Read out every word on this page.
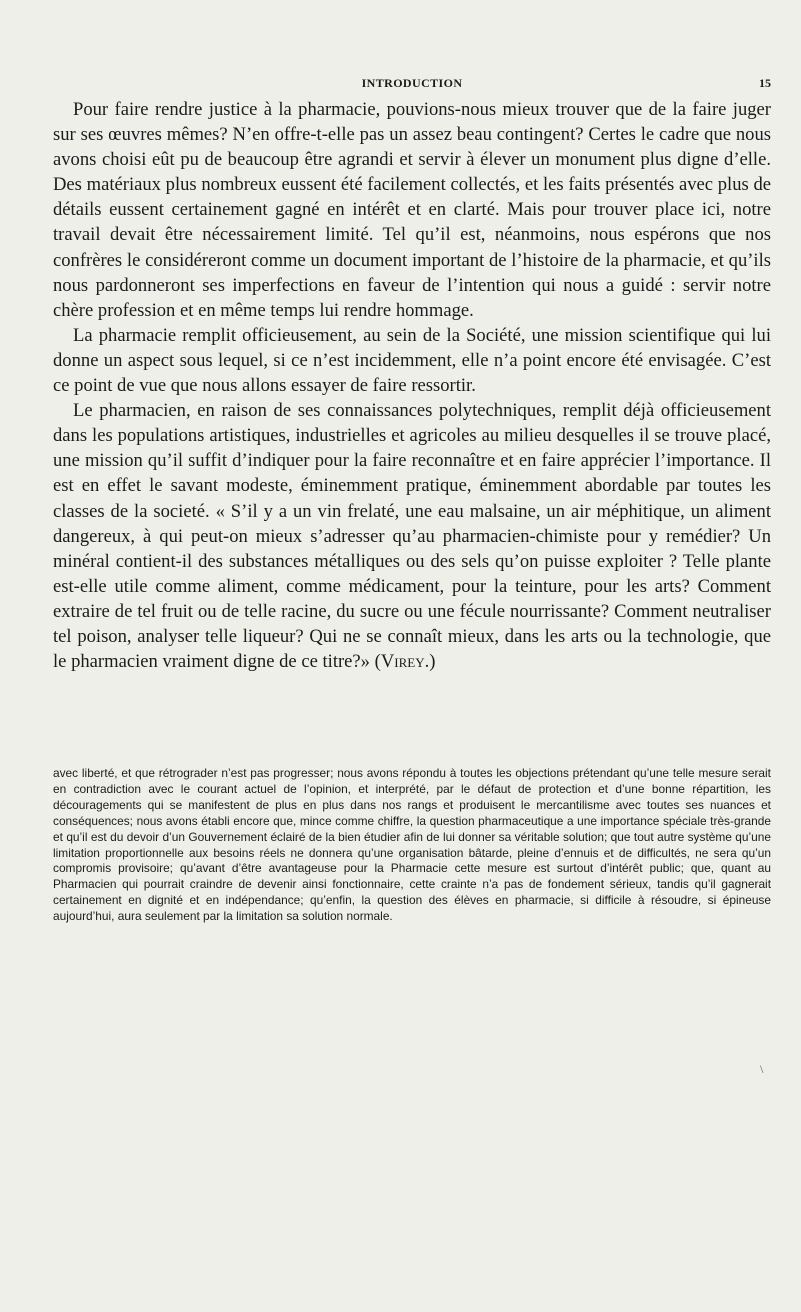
INTRODUCTION	15

Pour faire rendre justice à la pharmacie, pouvions-nous mieux trouver que de la faire juger sur ses œuvres mêmes? N’en offre-t-elle pas un assez beau contingent? Certes le cadre que nous avons choisi eût pu de beaucoup être agrandi et servir à élever un monument plus digne d’elle. Des matériaux plus nombreux eussent été facilement collectés, et les faits présentés avec plus de détails eussent certainement gagné en intérêt et en clarté. Mais pour trouver place ici, notre travail devait être nécessairement limité. Tel qu’il est, néanmoins, nous espérons que nos confrères le considéreront comme un document important de l’histoire de la pharmacie, et qu’ils nous pardonneront ses imperfections en faveur de l’intention qui nous a guidé : servir notre chère profession et en même temps lui rendre hommage.

La pharmacie remplit officieusement, au sein de la Société, une mission scientifique qui lui donne un aspect sous lequel, si ce n’est incidemment, elle n’a point encore été envisagée. C’est ce point de vue que nous allons essayer de faire ressortir.

Le pharmacien, en raison de ses connaissances polytechniques, remplit déjà officieusement dans les populations artistiques, industrielles et agricoles au milieu desquelles il se trouve placé, une mission qu’il suffit d’indiquer pour la faire reconnaître et en faire apprécier l’importance. Il est en effet le savant modeste, éminemment pratique, éminemment abordable par toutes les classes de la societé. « S’il y a un vin frelaté, une eau malsaine, un air méphitique, un aliment dangereux, à qui peut-on mieux s’adresser qu’au pharmacien-chimiste pour y remédier? Un minéral contient-il des substances métalliques ou des sels qu’on puisse exploiter ? Telle plante est-elle utile comme aliment, comme médicament, pour la teinture, pour les arts? Comment extraire de tel fruit ou de telle racine, du sucre ou une fécule nourrissante? Comment neutraliser tel poison, analyser telle liqueur? Qui ne se connaît mieux, dans les arts ou la technologie, que le pharmacien vraiment digne de ce titre?» (Virey.)

avec liberté, et que rétrograder n’est pas progresser; nous avons répondu à toutes les objections prétendant qu’une telle mesure serait en contradiction avec le courant actuel de l’opinion, et interprété, par le défaut de protection et d’une bonne répartition, les découragements qui se manifestent de plus en plus dans nos rangs et produisent le mercantilisme avec toutes ses nuances et conséquences; nous avons établi encore que, mince comme chiffre, la question pharmaceutique a une importance spéciale très-grande et qu’il est du devoir d’un Gouvernement éclairé de la bien étudier afin de lui donner sa véritable solution; que tout autre système qu’une limitation proportionnelle aux besoins réels ne donnera qu’une organisation bâtarde, pleine d’ennuis et de difficultés, ne sera qu’un compromis provisoire; qu’avant d’être avantageuse pour la Pharmacie cette mesure est surtout d’intérêt public; que, quant au Pharmacien qui pourrait craindre de devenir ainsi fonctionnaire, cette crainte n’a pas de fondement sérieux, tandis qu’il gagnerait certainement en dignité et en indépendance; qu’enfin, la question des élèves en pharmacie, si difficile à résoudre, si épineuse aujourd’hui, aura seulement par la limitation sa solution normale.

\
